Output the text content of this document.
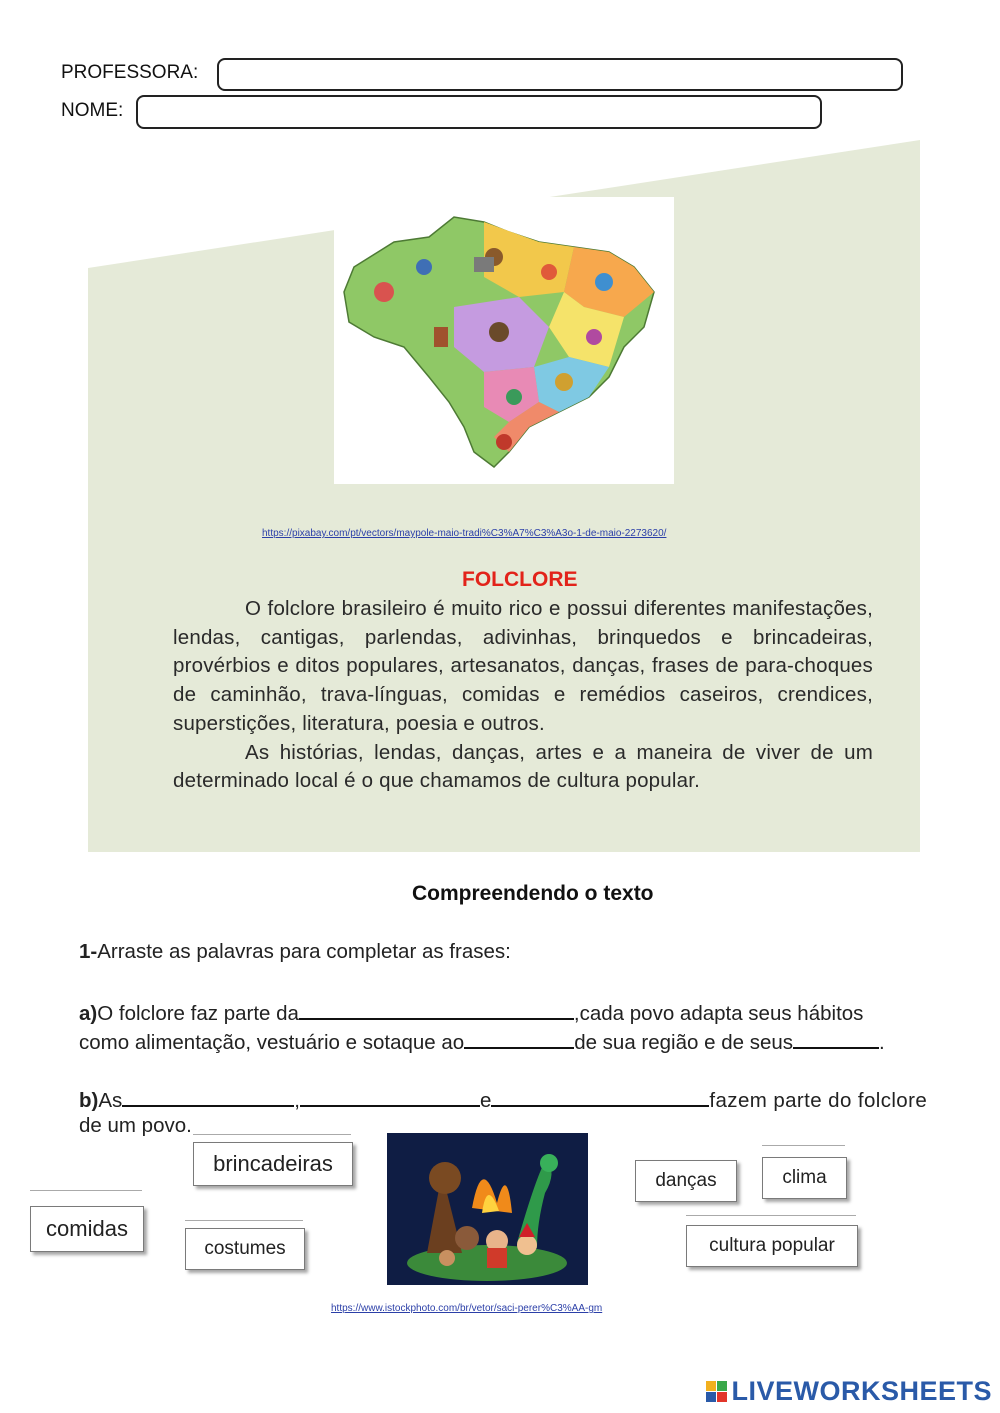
PROFESSORA:
NOME:
https://pixabay.com/pt/vectors/maypole-maio-tradi%C3%A7%C3%A3o-1-de-maio-2273620/
FOLCLORE

O folclore brasileiro é muito rico e possui diferentes manifestações, lendas, cantigas, parlendas, adivinhas, brinquedos e brincadeiras, provérbios e ditos populares, artesanatos, danças, frases de para-choques de caminhão, trava-línguas, comidas e remédios caseiros, crendices, superstições, literatura, poesia e outros.

As histórias, lendas, danças, artes e a maneira de viver de um determinado local é o que chamamos de cultura popular.

Compreendendo o texto
1-Arraste as palavras para completar as frases:
a)O folclore faz parte da	,cada povo adapta seus hábitos
como alimentação, vestuário e sotaque ao	de sua região e de seus	.
b)As	,	e	fazem parte do folclore
de um povo.
brincadeiras
comidas
costumes
danças	clima
cultura popular
https://www.istockphoto.com/br/vetor/saci-perer%C3%AA-gm
LIVEWORKSHEETS
